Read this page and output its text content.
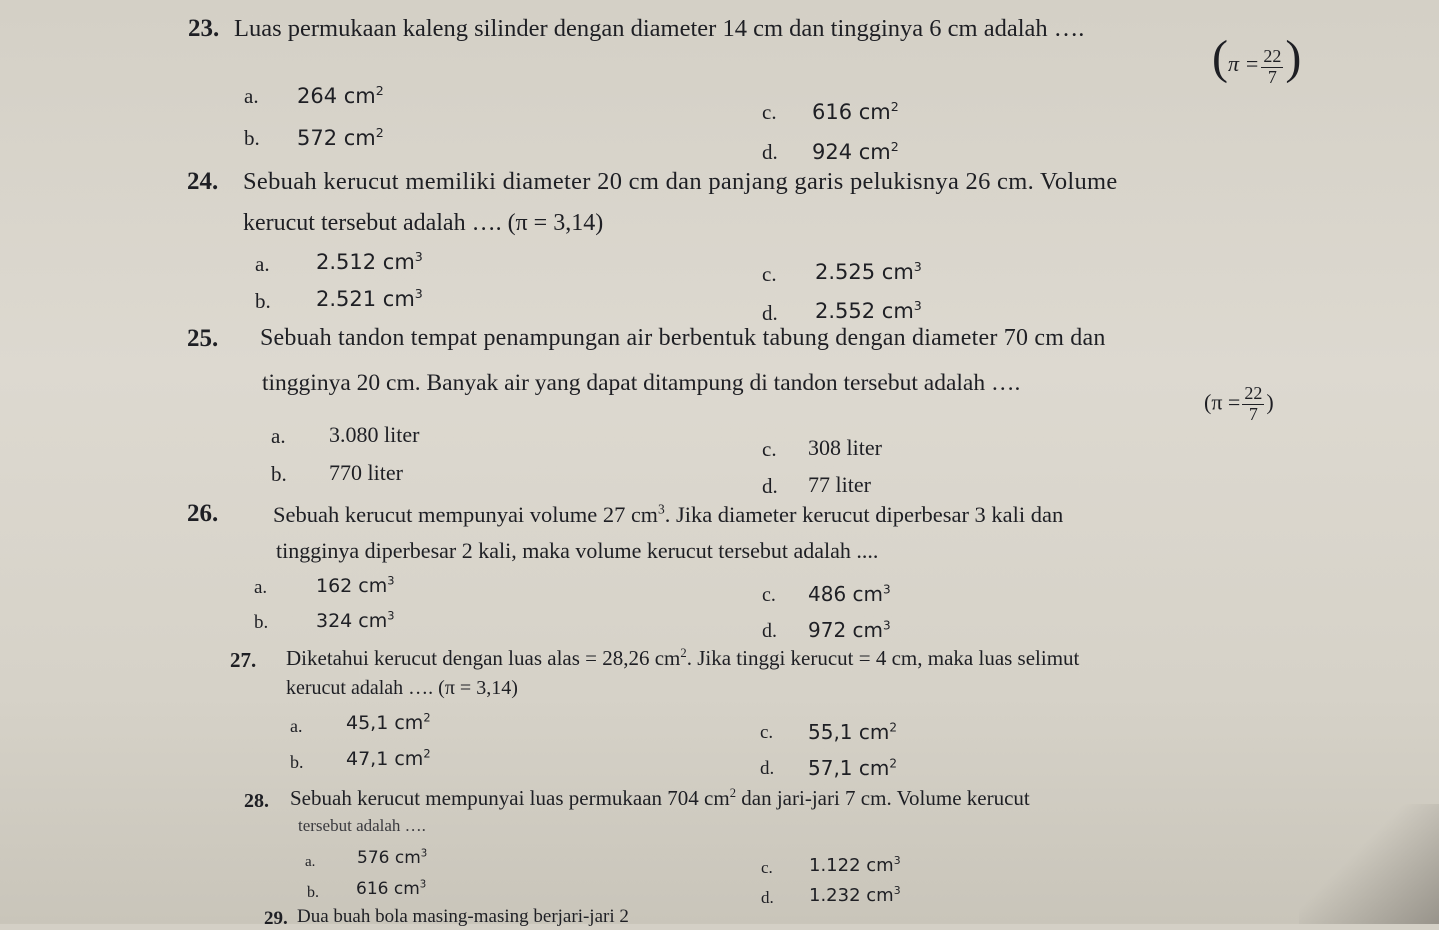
23. Luas permukaan kaleng silinder dengan diameter 14 cm dan tingginya 6 cm adalah ….
($\pi = \frac{22}{7}$ )
a. 264 $cm^2$
b. 572 $cm^2$
c. 616 $cm^2$
d. 924 $cm^2$
24. Sebuah kerucut memiliki diameter 20 cm dan panjang garis pelukisnya 26 cm. Volume
kerucut tersebut adalah …. (π = 3,14)
a. 2.512 $cm^3$
b. 2.521 $cm^3$
c. 2.525 $cm^3$
d. 2.552 $cm^3$
25. Sebuah tandon tempat penampungan air berbentuk tabung dengan diameter 70 cm dan
tingginya 20 cm. Banyak air yang dapat ditampung di tandon tersebut adalah ….
($\pi = \frac{22}{7}$ )
a. 3.080 liter
b. 770 liter
c. 308 liter
d. 77 liter
26. Sebuah kerucut mempunyai volume 27 $cm^3$. Jika diameter kerucut diperbesar 3 kali dan
tingginya diperbesar 2 kali, maka volume kerucut tersebut adalah ....
a.	162 $cm^3$
b.	324 $cm^3$
c. 486 $cm^3$
d. 972 $cm^3$
27. Diketahui kerucut dengan luas alas = 28,26 $cm^2$. Jika tinggi kerucut = 4 cm, maka luas selimut
kerucut adalah …. (π = 3,14)
a. 45,1 $cm^2$
b. 47,1 $cm^2$
c. 55,1 $cm^2$
d. 57,1 $cm^2$
28. Sebuah kerucut mempunyai luas permukaan 704 $cm^2$ dan jari-jari 7 cm. Volume kerucut
tersebut adalah ….
a. 576 $cm^3$
b. 616 $cm^3$
c. 1.122 $cm^3$
d. 1.232 $cm^3$
29. Dua buah bola masing-masing berjari-jari 2
